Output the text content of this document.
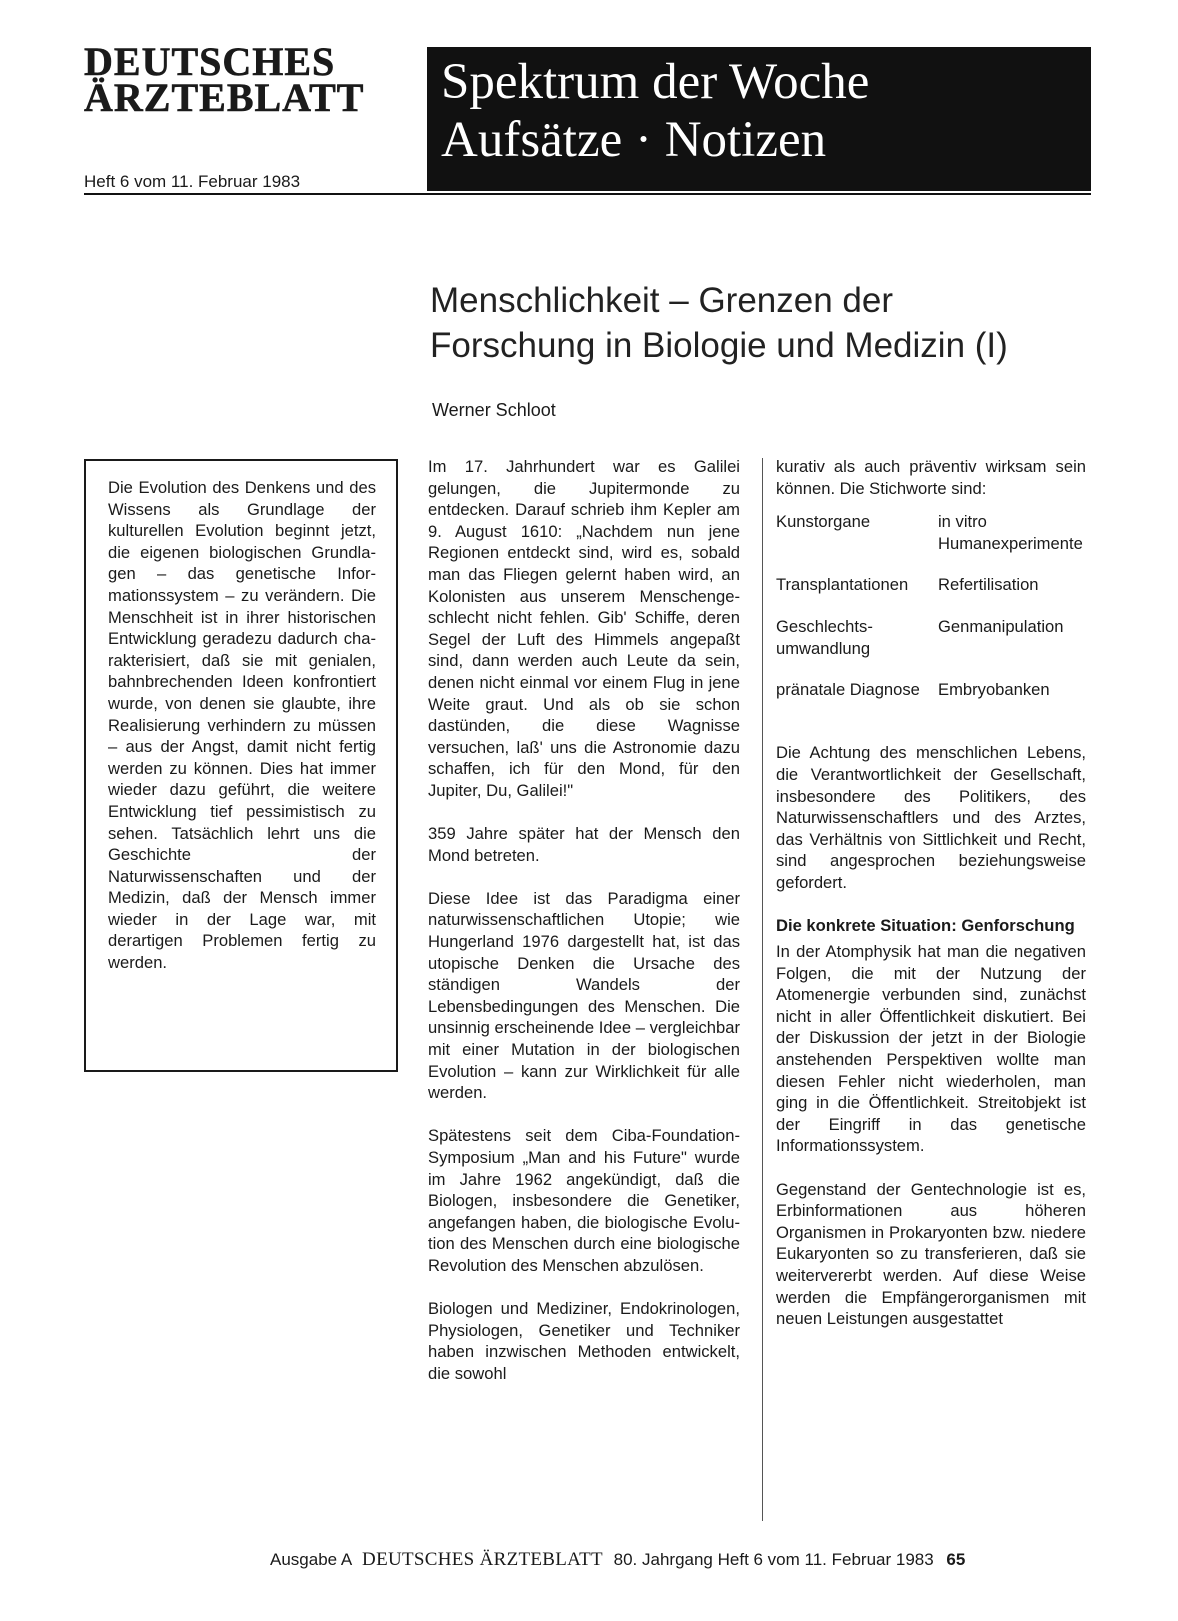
DEUTSCHES
ÄRZTEBLATT
Heft 6 vom 11. Februar 1983
Spektrum der Woche
Aufsätze · Notizen
Menschlichkeit – Grenzen der
Forschung in Biologie und Medizin (I)
Werner Schloot

Die Evolution des Denkens und des Wissens als Grundlage der kulturellen Evolution beginnt jetzt, die eigenen biologischen Grundlagen – das genetische Informationssystem – zu verändern. Die Menschheit ist in ihrer historischen Entwicklung geradezu dadurch charakterisiert, daß sie mit genialen, bahnbrechenden Ideen konfrontiert wurde, von denen sie glaubte, ihre Realisierung verhindern zu müssen – aus der Angst, damit nicht fertig werden zu können. Dies hat immer wieder dazu geführt, die weitere Entwicklung tief pessimistisch zu sehen. Tatsächlich lehrt uns die Geschichte der Naturwissenschaften und der Medizin, daß der Mensch immer wieder in der Lage war, mit derartigen Problemen fertig zu werden.

Im 17. Jahrhundert war es Galilei gelungen, die Jupitermonde zu entdecken. Darauf schrieb ihm Kepler am 9. August 1610: „Nachdem nun jene Regionen entdeckt sind, wird es, sobald man das Fliegen gelernt haben wird, an Kolonisten aus unserem Menschengeschlecht nicht fehlen. Gib' Schiffe, deren Segel der Luft des Himmels angepaßt sind, dann werden auch Leute da sein, denen nicht einmal vor einem Flug in jene Weite graut. Und als ob sie schon dastünden, die diese Wagnisse versuchen, laß' uns die Astronomie dazu schaffen, ich für den Mond, für den Jupiter, Du, Galilei!"

359 Jahre später hat der Mensch den Mond betreten.

Diese Idee ist das Paradigma einer naturwissenschaftlichen Utopie; wie Hungerland 1976 dargestellt hat, ist das utopische Denken die Ursache des ständigen Wandels der Lebensbedingungen des Menschen. Die unsinnig erscheinende Idee – vergleichbar mit einer Mutation in der biologischen Evolution – kann zur Wirklichkeit für alle werden.

Spätestens seit dem Ciba-Foundation-Symposium „Man and his Future" wurde im Jahre 1962 angekündigt, daß die Biologen, insbesondere die Genetiker, angefangen haben, die biologische Evolution des Menschen durch eine biologische Revolution des Menschen abzulösen.

Biologen und Mediziner, Endokrinologen, Physiologen, Genetiker und Techniker haben inzwischen Methoden entwickelt, die sowohl

kurativ als auch präventiv wirksam sein können. Die Stichworte sind:

Kunstorgane	in vitro Humanexperimente
Transplantationen	Refertilisation
Geschlechtsumwandlung	Genmanipulation
pränatale Diagnose	Embryobanken

Die Achtung des menschlichen Lebens, die Verantwortlichkeit der Gesellschaft, insbesondere des Politikers, des Naturwissenschaftlers und des Arztes, das Verhältnis von Sittlichkeit und Recht, sind angesprochen beziehungsweise gefordert.

Die konkrete Situation: Genforschung

In der Atomphysik hat man die negativen Folgen, die mit der Nutzung der Atomenergie verbunden sind, zunächst nicht in aller Öffentlichkeit diskutiert. Bei der Diskussion der jetzt in der Biologie anstehenden Perspektiven wollte man diesen Fehler nicht wiederholen, man ging in die Öffentlichkeit. Streitobjekt ist der Eingriff in das genetische Informationssystem.

Gegenstand der Gentechnologie ist es, Erbinformationen aus höheren Organismen in Prokaryonten bzw. niedere Eukaryonten so zu transferieren, daß sie weitervererbt werden. Auf diese Weise werden die Empfängerorganismen mit neuen Leistungen ausgestattet

Ausgabe A DEUTSCHES ÄRZTEBLATT 80. Jahrgang Heft 6 vom 11. Februar 1983 65
